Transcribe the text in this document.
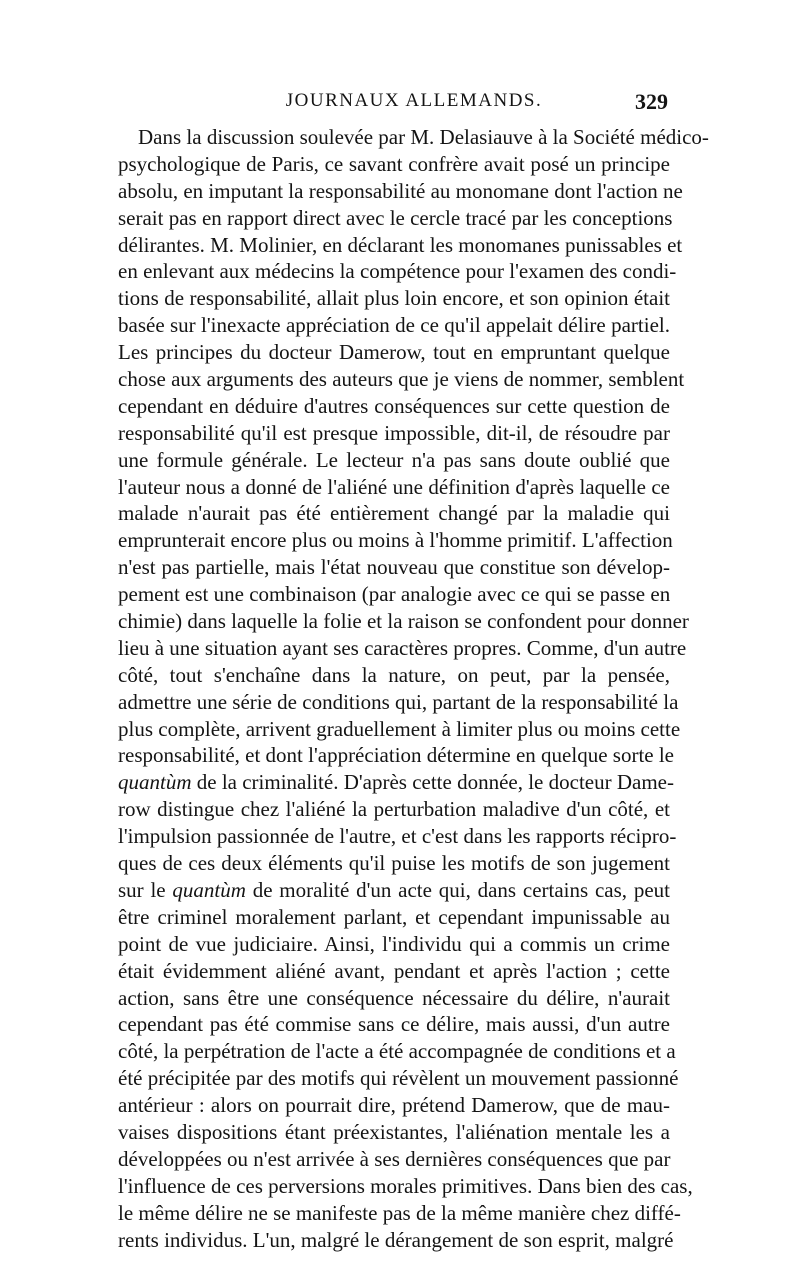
JOURNAUX ALLEMANDS.	329
Dans la discussion soulevée par M. Delasiauve à la Société médico-
psychologique de Paris, ce savant confrère avait posé un principe
absolu, en imputant la responsabilité au monomane dont l'action ne
serait pas en rapport direct avec le cercle tracé par les conceptions
délirantes. M. Molinier, en déclarant les monomanes punissables et
en enlevant aux médecins la compétence pour l'examen des condi-
tions de responsabilité, allait plus loin encore, et son opinion était
basée sur l'inexacte appréciation de ce qu'il appelait délire partiel.
Les principes du docteur Damerow, tout en empruntant quelque
chose aux arguments des auteurs que je viens de nommer, semblent
cependant en déduire d'autres conséquences sur cette question de
responsabilité qu'il est presque impossible, dit-il, de résoudre par
une formule générale. Le lecteur n'a pas sans doute oublié que
l'auteur nous a donné de l'aliéné une définition d'après laquelle ce
malade n'aurait pas été entièrement changé par la maladie qui
emprunterait encore plus ou moins à l'homme primitif. L'affection
n'est pas partielle, mais l'état nouveau que constitue son dévelop-
pement est une combinaison (par analogie avec ce qui se passe en
chimie) dans laquelle la folie et la raison se confondent pour donner
lieu à une situation ayant ses caractères propres. Comme, d'un autre
côté, tout s'enchaîne dans la nature, on peut, par la pensée,
admettre une série de conditions qui, partant de la responsabilité la
plus complète, arrivent graduellement à limiter plus ou moins cette
responsabilité, et dont l'appréciation détermine en quelque sorte le
quantùm de la criminalité. D'après cette donnée, le docteur Dame-
row distingue chez l'aliéné la perturbation maladive d'un côté, et
l'impulsion passionnée de l'autre, et c'est dans les rapports récipro-
ques de ces deux éléments qu'il puise les motifs de son jugement
sur le quantùm de moralité d'un acte qui, dans certains cas, peut
être criminel moralement parlant, et cependant impunissable au
point de vue judiciaire. Ainsi, l'individu qui a commis un crime
était évidemment aliéné avant, pendant et après l'action ; cette
action, sans être une conséquence nécessaire du délire, n'aurait
cependant pas été commise sans ce délire, mais aussi, d'un autre
côté, la perpétration de l'acte a été accompagnée de conditions et a
été précipitée par des motifs qui révèlent un mouvement passionné
antérieur : alors on pourrait dire, prétend Damerow, que de mau-
vaises dispositions étant préexistantes, l'aliénation mentale les a
développées ou n'est arrivée à ses dernières conséquences que par
l'influence de ces perversions morales primitives. Dans bien des cas,
le même délire ne se manifeste pas de la même manière chez diffé-
rents individus. L'un, malgré le dérangement de son esprit, malgré
